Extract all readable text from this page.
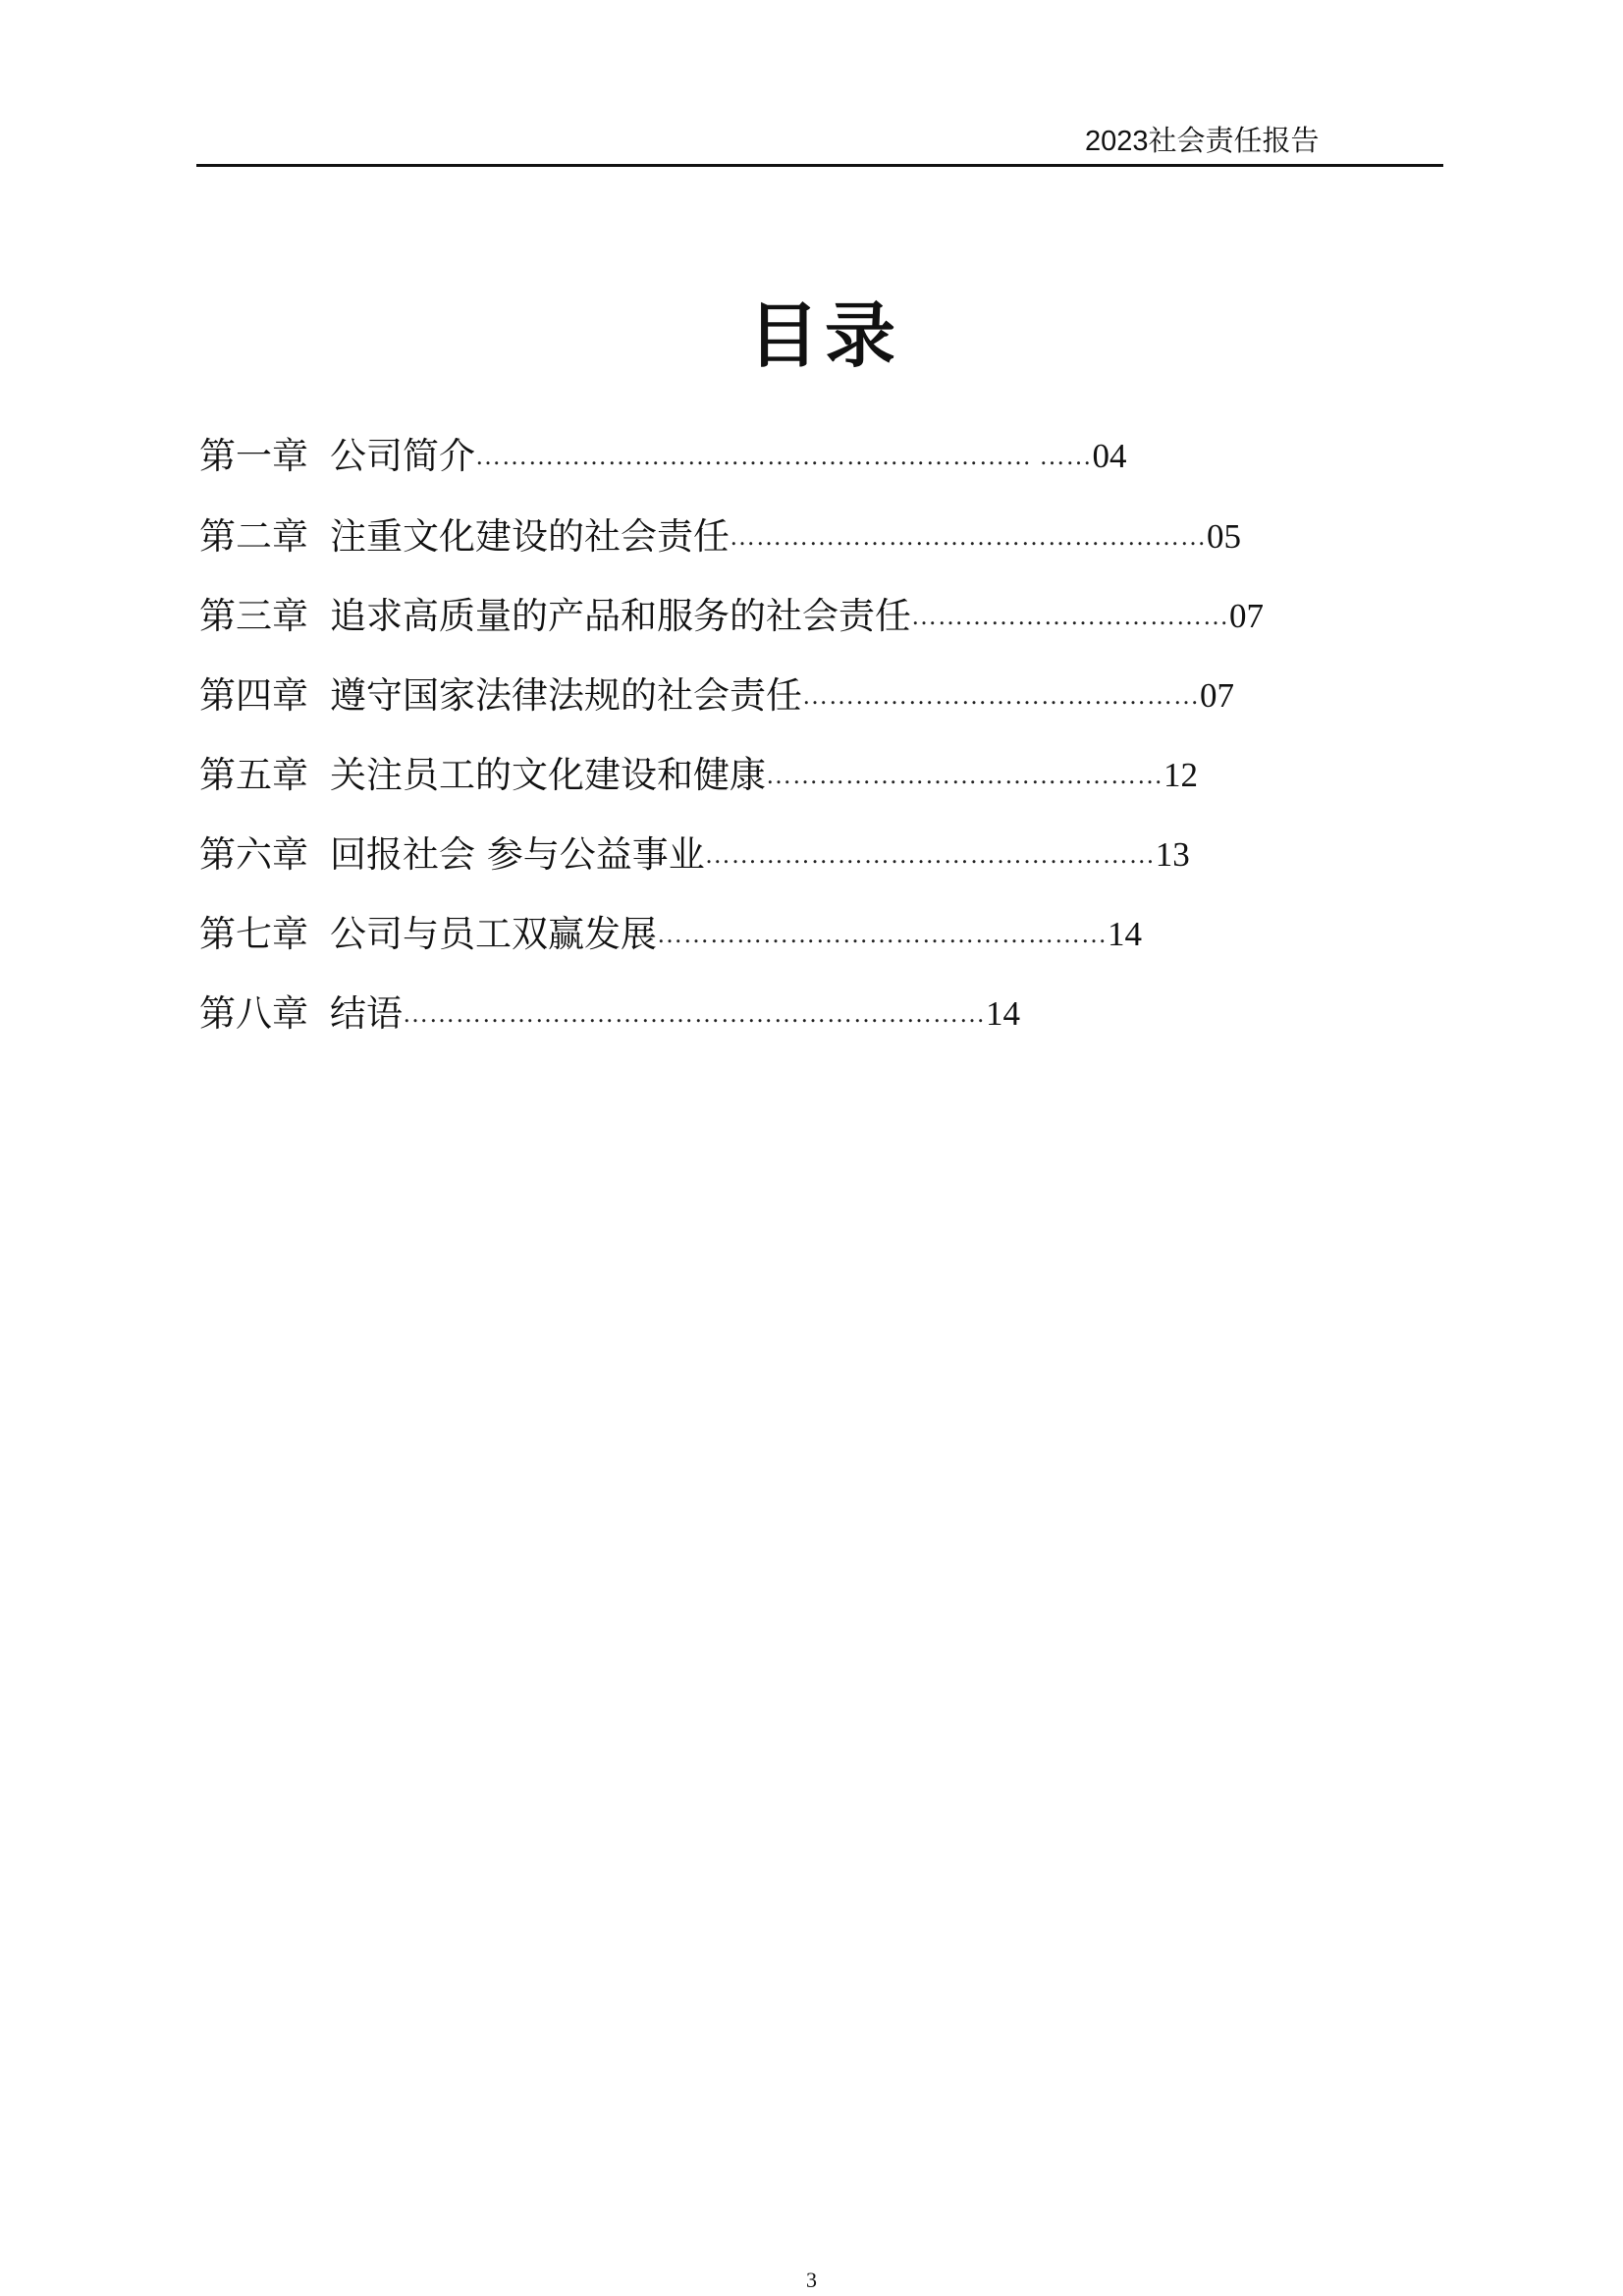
2023社会责任报告
目录
第一章 公司简介……………………………………………………… ……04
第二章 注重文化建设的社会责任………………………………………………05
第三章 追求高质量的产品和服务的社会责任………………………………07
第四章 遵守国家法律法规的社会责任………………………………………07
第五章 关注员工的文化建设和健康………………………………………12
第六章 回报社会 参与公益事业……………………………………………13
第七章 公司与员工双赢发展……………………………………………14
第八章 结语…………………………………………………………14
3
